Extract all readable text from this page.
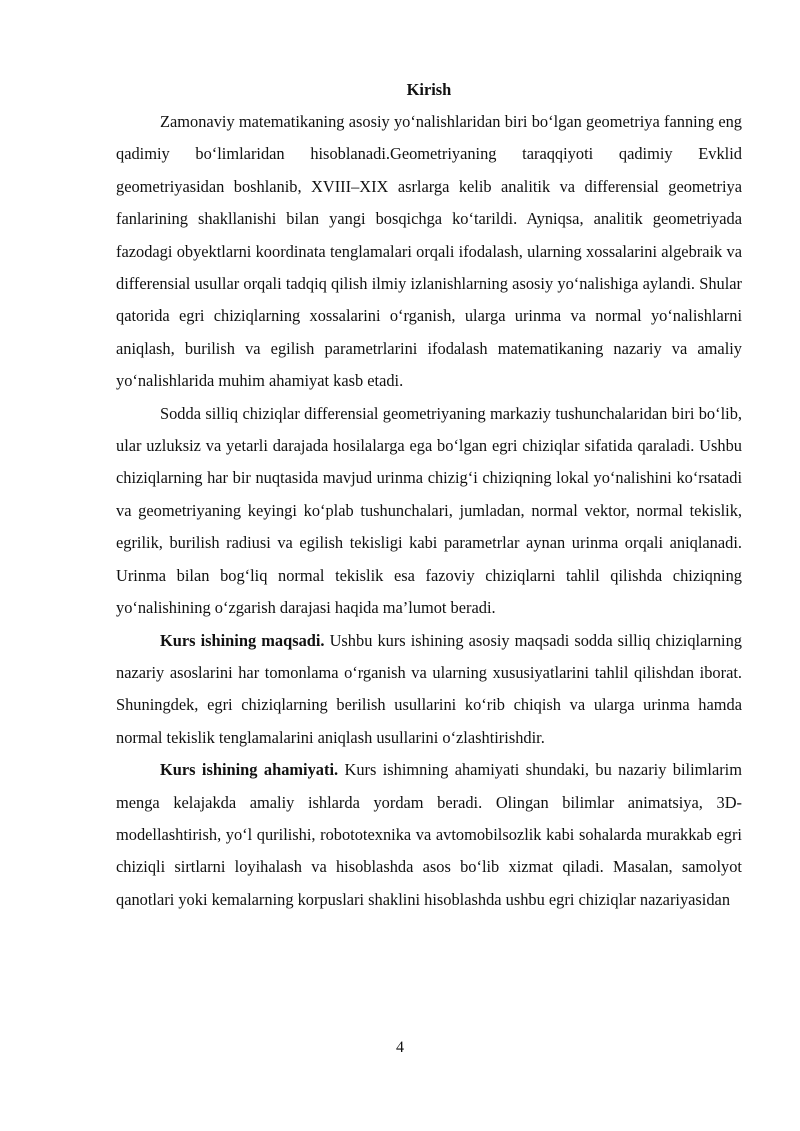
Kirish

Zamonaviy matematikaning asosiy yo‘nalishlaridan biri bo‘lgan geometriya fanning eng qadimiy bo‘limlaridan hisoblanadi.Geometriyaning taraqqiyoti qadimiy Evklid geometriyasidan boshlanib, XVIII–XIX asrlarga kelib analitik va differensial geometriya fanlarining shakllanishi bilan yangi bosqichga ko‘tarildi. Ayniqsa, analitik geometriyada fazodagi obyektlarni koordinata tenglamalari orqali ifodalash, ularning xossalarini algebraik va differensial usullar orqali tadqiq qilish ilmiy izlanishlarning asosiy yo‘nalishiga aylandi. Shular qatorida egri chiziqlarning xossalarini o‘rganish, ularga urinma va normal yo‘nalishlarni aniqlash, burilish va egilish parametrlarini ifodalash matematikaning nazariy va amaliy yo‘nalishlarida muhim ahamiyat kasb etadi.

Sodda silliq chiziqlar differensial geometriyaning markaziy tushunchalaridan biri bo‘lib, ular uzluksiz va yetarli darajada hosilalarga ega bo‘lgan egri chiziqlar sifatida qaraladi. Ushbu chiziqlarning har bir nuqtasida mavjud urinma chizig‘i chiziqning lokal yo‘nalishini ko‘rsatadi va geometriyaning keyingi ko‘plab tushunchalari, jumladan, normal vektor, normal tekislik, egrilik, burilish radiusi va egilish tekisligi kabi parametrlar aynan urinma orqali aniqlanadi. Urinma bilan bog‘liq normal tekislik esa fazoviy chiziqlarni tahlil qilishda chiziqning yo‘nalishining o‘zgarish darajasi haqida ma’lumot beradi.

Kurs ishining maqsadi. Ushbu kurs ishining asosiy maqsadi sodda silliq chiziqlarning nazariy asoslarini har tomonlama o‘rganish va ularning xususiyatlarini tahlil qilishdan iborat. Shuningdek, egri chiziqlarning berilish usullarini ko‘rib chiqish va ularga urinma hamda normal tekislik tenglamalarini aniqlash usullarini o‘zlashtirishdir.

Kurs ishining ahamiyati. Kurs ishimning ahamiyati shundaki, bu nazariy bilimlarim menga kelajakda amaliy ishlarda yordam beradi. Olingan bilimlar animatsiya, 3D-modellashtirish, yo‘l qurilishi, robototexnika va avtomobilsozlik kabi sohalarda murakkab egri chiziqli sirtlarni loyihalash va hisoblashda asos bo‘lib xizmat qiladi. Masalan, samolyot qanotlari yoki kemalarning korpuslari shaklini hisoblashda ushbu egri chiziqlar nazariyasidan

4
